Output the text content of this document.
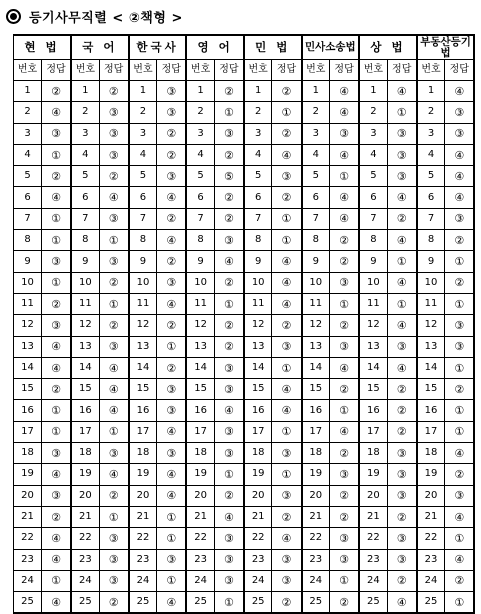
등기사무직렬 < ②책형 >
현 법		국 어		한국사		영 어		민 법		민사소송법		상 법		부동산등기법	
번호	정답	번호	정답	번호	정답	번호	정답	번호	정답	번호	정답	번호	정답	번호	정답
1	②	1	②	1	③	1	②	1	②	1	④	1	④	1	④
2	④	2	③	2	③	2	①	2	①	2	④	2	①	2	③
3	③	3	③	3	②	3	③	3	②	3	③	3	③	3	③
4	①	4	③	4	②	4	②	4	④	4	④	4	③	4	④
5	②	5	②	5	③	5	⑤	5	③	5	①	5	③	5	④
6	④	6	④	6	④	6	②	6	②	6	④	6	④	6	④
7	①	7	③	7	②	7	②	7	①	7	④	7	②	7	③
8	①	8	①	8	④	8	③	8	①	8	②	8	④	8	②
9	③	9	③	9	②	9	④	9	④	9	②	9	①	9	①
10	①	10	②	10	③	10	②	10	④	10	③	10	④	10	②
11	②	11	①	11	④	11	①	11	④	11	①	11	①	11	①
12	③	12	②	12	②	12	②	12	②	12	②	12	④	12	③
13	④	13	③	13	①	13	②	13	③	13	③	13	③	13	③
14	④	14	④	14	②	14	③	14	①	14	④	14	④	14	①
15	②	15	④	15	③	15	③	15	④	15	②	15	②	15	②
16	①	16	④	16	③	16	④	16	④	16	①	16	②	16	①
17	①	17	①	17	④	17	③	17	①	17	④	17	②	17	①
18	③	18	③	18	③	18	③	18	③	18	②	18	③	18	④
19	④	19	④	19	④	19	①	19	①	19	③	19	③	19	②
20	③	20	②	20	④	20	②	20	③	20	②	20	③	20	③
21	②	21	①	21	①	21	④	21	②	21	②	21	②	21	④
22	④	22	③	22	①	22	③	22	④	22	③	22	③	22	①
23	④	23	③	23	③	23	③	23	③	23	③	23	③	23	④
24	①	24	③	24	①	24	③	24	③	24	①	24	②	24	②
25	④	25	②	25	④	25	①	25	②	25	②	25	④	25	①
